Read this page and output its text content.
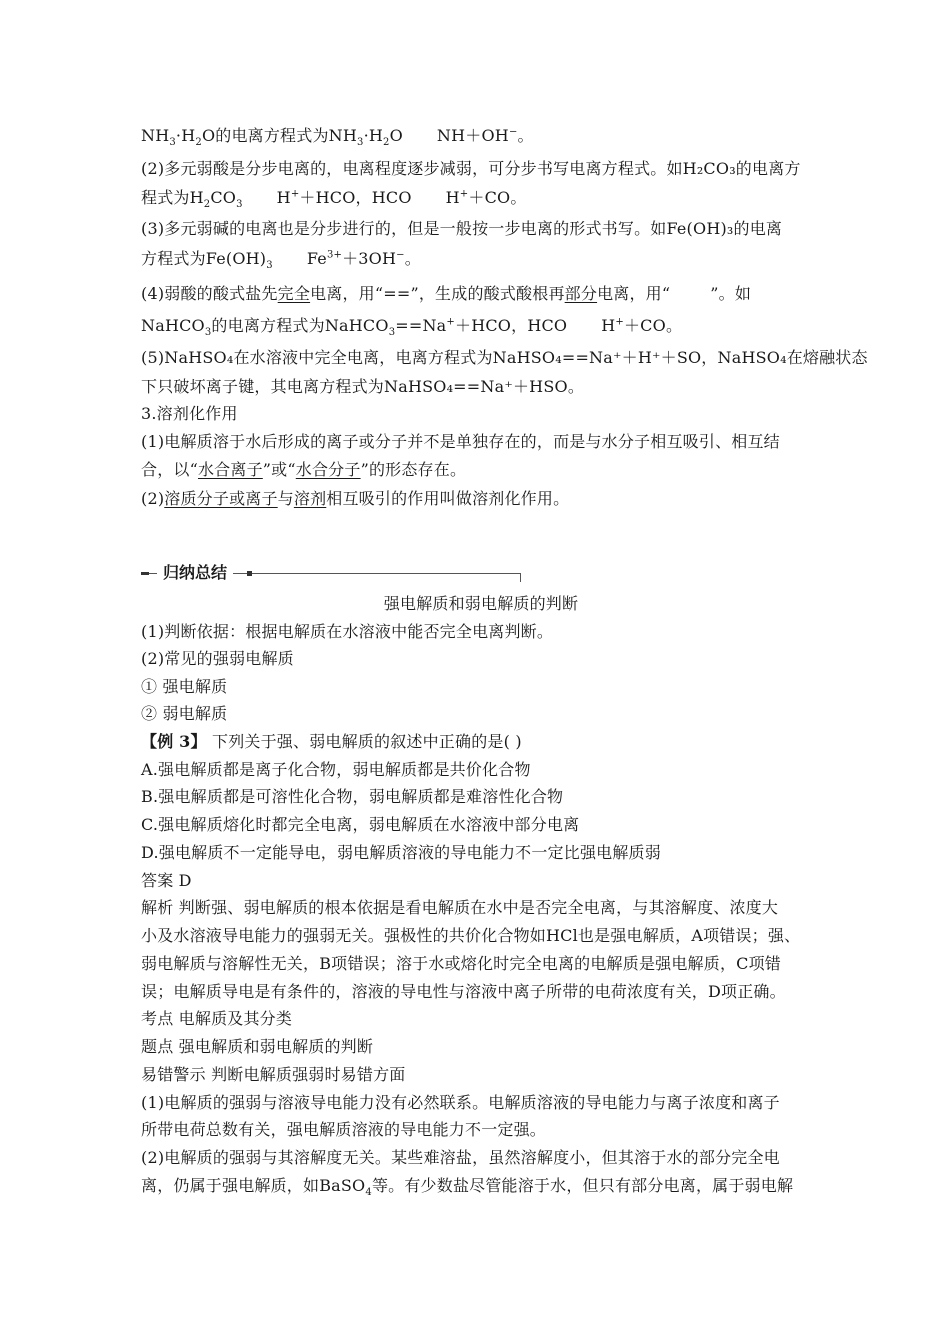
$NH_3\cdot H_2O$的电离方程式为$NH_3\cdot H_2O$ NH＋OH−。
(2)多元弱酸是分步电离的，电离程度逐步减弱，可分步书写电离方程式。如H₂CO₃的电离方
程式为$H_2CO_3$ H+＋HCO，HCO H+＋CO。
(3)多元弱碱的电离也是分步进行的，但是一般按一步电离的形式书写。如Fe(OH)₃的电离
方程式为$Fe(OH)_3$ $Fe^{3+}+3OH^-$。
(4)弱酸的酸式盐先完全电离，用“==”，生成的酸式酸根再部分电离，用“	”。如
NaHCO$_3$的电离方程式为NaHCO$_3$==Na+＋HCO，HCO H+＋CO。
(5)NaHSO₄在水溶液中完全电离，电离方程式为NaHSO₄==Na⁺＋H⁺＋SO，NaHSO₄在熔融状态
下只破坏离子键，其电离方程式为NaHSO₄==Na⁺＋HSO。
3.溶剂化作用
(1)电解质溶于水后形成的离子或分子并不是单独存在的，而是与水分子相互吸引、相互结
合，以“水合离子”或“水合分子”的形态存在。
(2)溶质分子或离子与溶剂相互吸引的作用叫做溶剂化作用。
归纳总结
强电解质和弱电解质的判断
(1)判断依据：根据电解质在水溶液中能否完全电离判断。
(2)常见的强弱电解质
① 强电解质
② 弱电解质
【例 3】 下列关于强、弱电解质的叙述中正确的是( )
A.强电解质都是离子化合物，弱电解质都是共价化合物
B.强电解质都是可溶性化合物，弱电解质都是难溶性化合物
C.强电解质熔化时都完全电离，弱电解质在水溶液中部分电离
D.强电解质不一定能导电，弱电解质溶液的导电能力不一定比强电解质弱
答案 D
解析 判断强、弱电解质的根本依据是看电解质在水中是否完全电离，与其溶解度、浓度大
小及水溶液导电能力的强弱无关。强极性的共价化合物如HCl也是强电解质，A项错误；强、
弱电解质与溶解性无关，B项错误；溶于水或熔化时完全电离的电解质是强电解质，C项错
误；电解质导电是有条件的，溶液的导电性与溶液中离子所带的电荷浓度有关，D项正确。
考点 电解质及其分类
题点 强电解质和弱电解质的判断
易错警示 判断电解质强弱时易错方面
(1)电解质的强弱与溶液导电能力没有必然联系。电解质溶液的导电能力与离子浓度和离子
所带电荷总数有关，强电解质溶液的导电能力不一定强。
(2)电解质的强弱与其溶解度无关。某些难溶盐，虽然溶解度小，但其溶于水的部分完全电
离，仍属于强电解质，如BaSO$_4$等。有少数盐尽管能溶于水，但只有部分电离，属于弱电解
